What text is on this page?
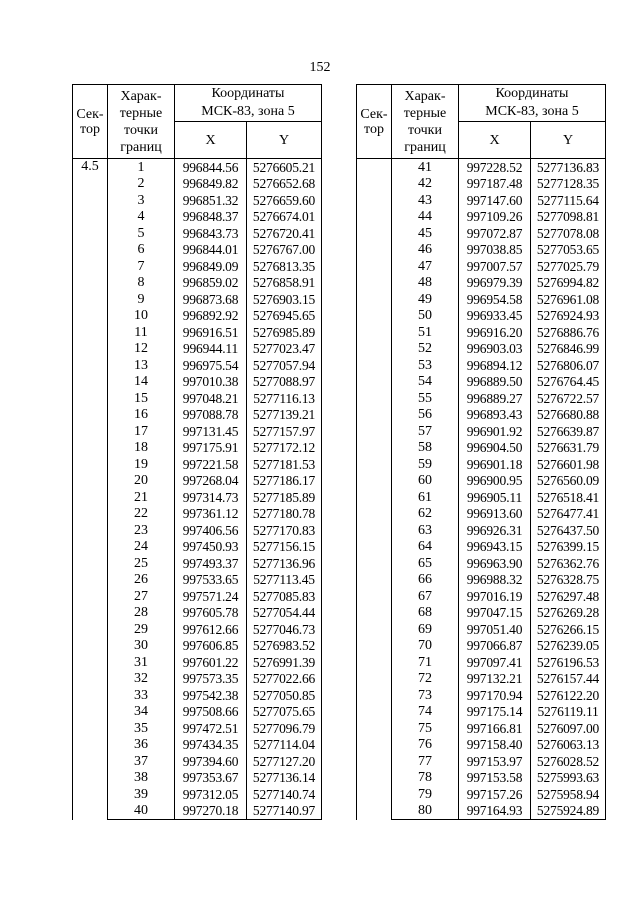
152
Сек-
тор	Харак-
терные
точки
границ	Координаты
МСК-83, зона 5	
		X	Y
4.5	1	996844.56	5276605.21
	2	996849.82	5276652.68
	3	996851.32	5276659.60
	4	996848.37	5276674.01
	5	996843.73	5276720.41
	6	996844.01	5276767.00
	7	996849.09	5276813.35
	8	996859.02	5276858.91
	9	996873.68	5276903.15
	10	996892.92	5276945.65
	11	996916.51	5276985.89
	12	996944.11	5277023.47
	13	996975.54	5277057.94
	14	997010.38	5277088.97
	15	997048.21	5277116.13
	16	997088.78	5277139.21
	17	997131.45	5277157.97
	18	997175.91	5277172.12
	19	997221.58	5277181.53
	20	997268.04	5277186.17
	21	997314.73	5277185.89
	22	997361.12	5277180.78
	23	997406.56	5277170.83
	24	997450.93	5277156.15
	25	997493.37	5277136.96
	26	997533.65	5277113.45
	27	997571.24	5277085.83
	28	997605.78	5277054.44
	29	997612.66	5277046.73
	30	997606.85	5276983.52
	31	997601.22	5276991.39
	32	997573.35	5277022.66
	33	997542.38	5277050.85
	34	997508.66	5277075.65
	35	997472.51	5277096.79
	36	997434.35	5277114.04
	37	997394.60	5277127.20
	38	997353.67	5277136.14
	39	997312.05	5277140.74
	40	997270.18	5277140.97
Сек-
тор	Харак-
терные
точки
границ	Координаты
МСК-83, зона 5	
		X	Y
	41	997228.52	5277136.83
	42	997187.48	5277128.35
	43	997147.60	5277115.64
	44	997109.26	5277098.81
	45	997072.87	5277078.08
	46	997038.85	5277053.65
	47	997007.57	5277025.79
	48	996979.39	5276994.82
	49	996954.58	5276961.08
	50	996933.45	5276924.93
	51	996916.20	5276886.76
	52	996903.03	5276846.99
	53	996894.12	5276806.07
	54	996889.50	5276764.45
	55	996889.27	5276722.57
	56	996893.43	5276680.88
	57	996901.92	5276639.87
	58	996904.50	5276631.79
	59	996901.18	5276601.98
	60	996900.95	5276560.09
	61	996905.11	5276518.41
	62	996913.60	5276477.41
	63	996926.31	5276437.50
	64	996943.15	5276399.15
	65	996963.90	5276362.76
	66	996988.32	5276328.75
	67	997016.19	5276297.48
	68	997047.15	5276269.28
	69	997051.40	5276266.15
	70	997066.87	5276239.05
	71	997097.41	5276196.53
	72	997132.21	5276157.44
	73	997170.94	5276122.20
	74	997175.14	5276119.11
	75	997166.81	5276097.00
	76	997158.40	5276063.13
	77	997153.97	5276028.52
	78	997153.58	5275993.63
	79	997157.26	5275958.94
	80	997164.93	5275924.89
